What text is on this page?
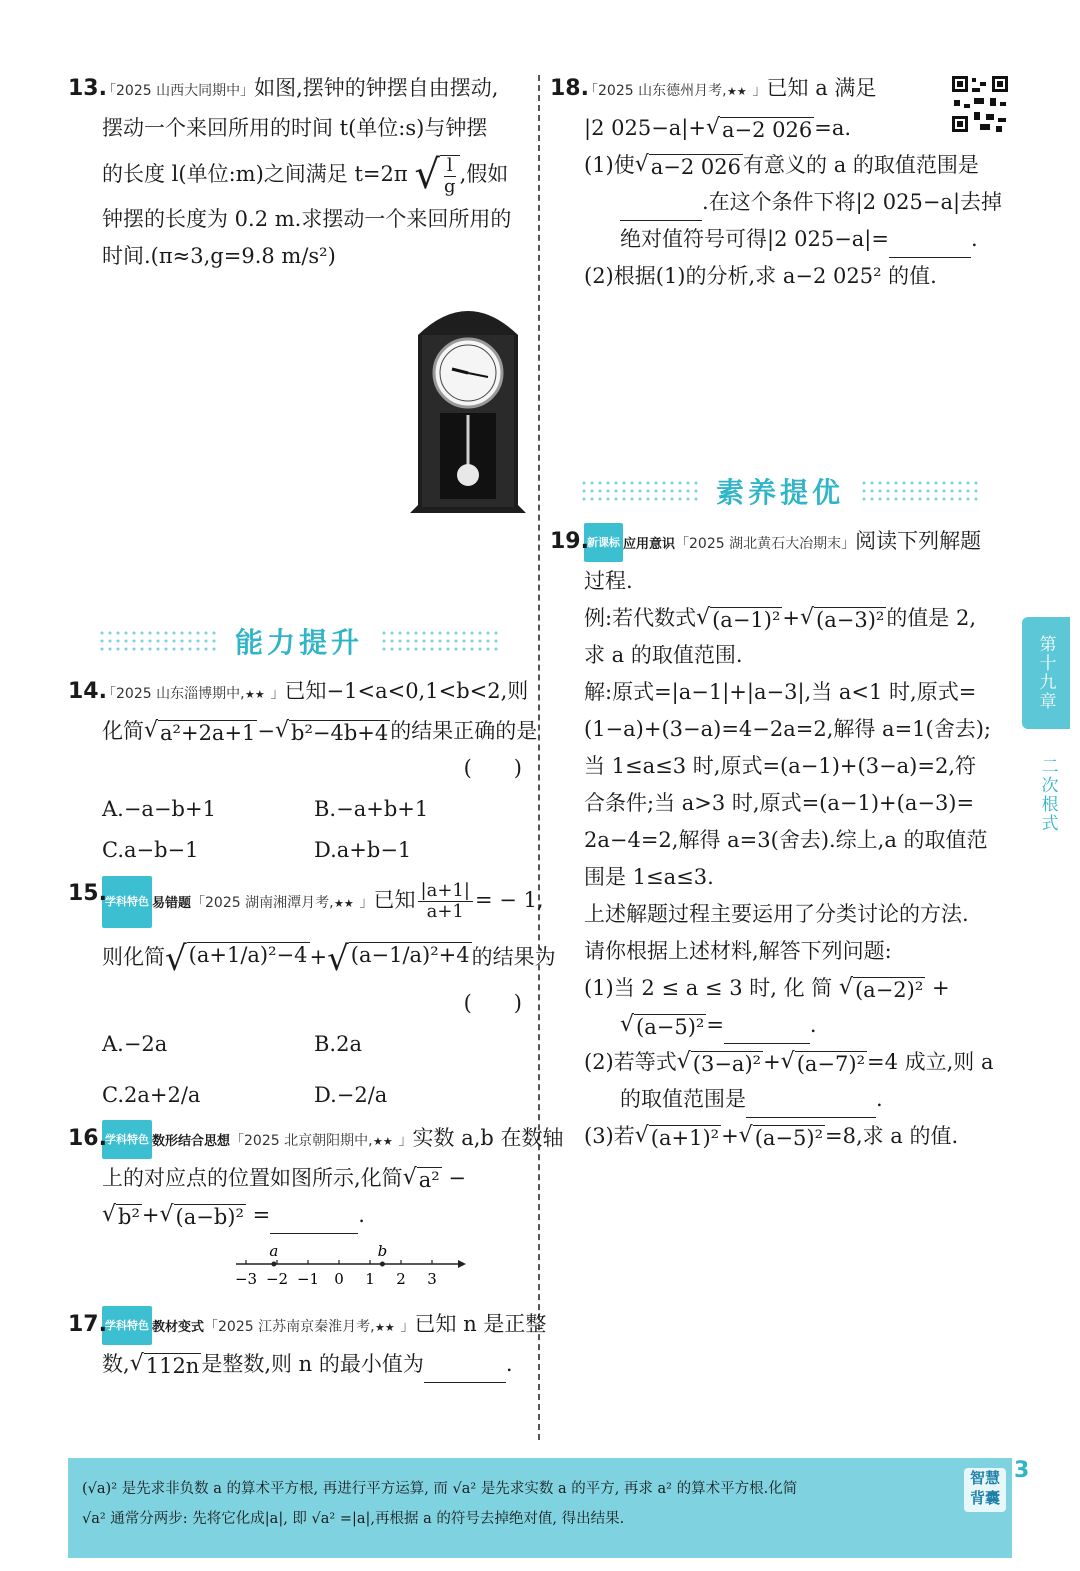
13.
「2025 山西大同期中」如图,摆钟的钟摆自由摆动,
摆动一个来回所用的时间 t(单位:s)与钟摆
的长度 l(单位:m)之间满足 t=2π √ $\frac{l}{g}$ ,假如
钟摆的长度为 0.2 m.求摆动一个来回所用的
时间.(π≈3,g=9.8 m/s²)
能力提升
14.
「2025 山东淄博期中, ★★ 」已知−1<a<0,1<b<2,则
化简 √ a²+2a+1 − √ b²−4b+4 的结果正确的是
(　　)
A.−a−b+1	B.−a+b+1
C.a−b−1	D.a+b−1
15.
学科特色 易错题「2025 湖南湘潭月考, ★★ 」已知 $\frac{|a+1|}{a+1}$ = − 1,
则化简 √ (a+1/a)²−4 + √ (a−1/a)²+4 的结果为
(　　)
A.−2a	B.2a
C.2a+2/a	D.−2/a
16.
学科特色 数形结合思想「2025 北京朝阳期中, ★★ 」实数 a,b 在数轴
上的对应点的位置如图所示,化简 √ a² −
√ b² + √ (a−b)² =	.
−3 −2 −1 0 1 2 3
a	b
17.
学科特色 教材变式「2025 江苏南京秦淮月考, ★★ 」已知 n 是正整
数, √ 112n 是整数,则 n 的最小值为	.
18.
「2025 山东德州月考, ★★ 」已知 a 满足
|2 025−a|+ √ a−2 026 =a.
(1)使 √ a−2 026 有意义的 a 的取值范围是
.在这个条件下将|2 025−a|去掉
绝对值符号可得|2 025−a|=	.
(2)根据(1)的分析,求 a−2 025² 的值.
素养提优
19.
新课标 应用意识「2025 湖北黄石大冶期末」阅读下列解题
过程.
例:若代数式 √ (a−1)² + √ (a−3)² 的值是 2,
求 a 的取值范围.
解:原式=|a−1|+|a−3|,当 a<1 时,原式=
(1−a)+(3−a)=4−2a=2,解得 a=1(舍去);
当 1≤a≤3 时,原式=(a−1)+(3−a)=2,符
合条件;当 a>3 时,原式=(a−1)+(a−3)=
2a−4=2,解得 a=3(舍去).综上,a 的取值范
围是 1≤a≤3.
上述解题过程主要运用了分类讨论的方法.
请你根据上述材料,解答下列问题:
(1)当 2 ≤ a ≤ 3 时, 化 简 √ (a−2)² +
√ (a−5)² =	.
(2)若等式 √ (3−a)² + √ (a−7)² =4 成立,则 a
的取值范围是	.
(3)若 √ (a+1)² + √ (a−5)² =8,求 a 的值.
第十九章
二次根式
(√a)² 是先求非负数 a 的算术平方根, 再进行平方运算, 而 √a² 是先求实数 a 的平方, 再求 a² 的算术平方根.化简
√a² 通常分两步: 先将它化成|a|, 即 √a² =|a|,再根据 a 的符号去掉绝对值, 得出结果.
智慧背囊
3
